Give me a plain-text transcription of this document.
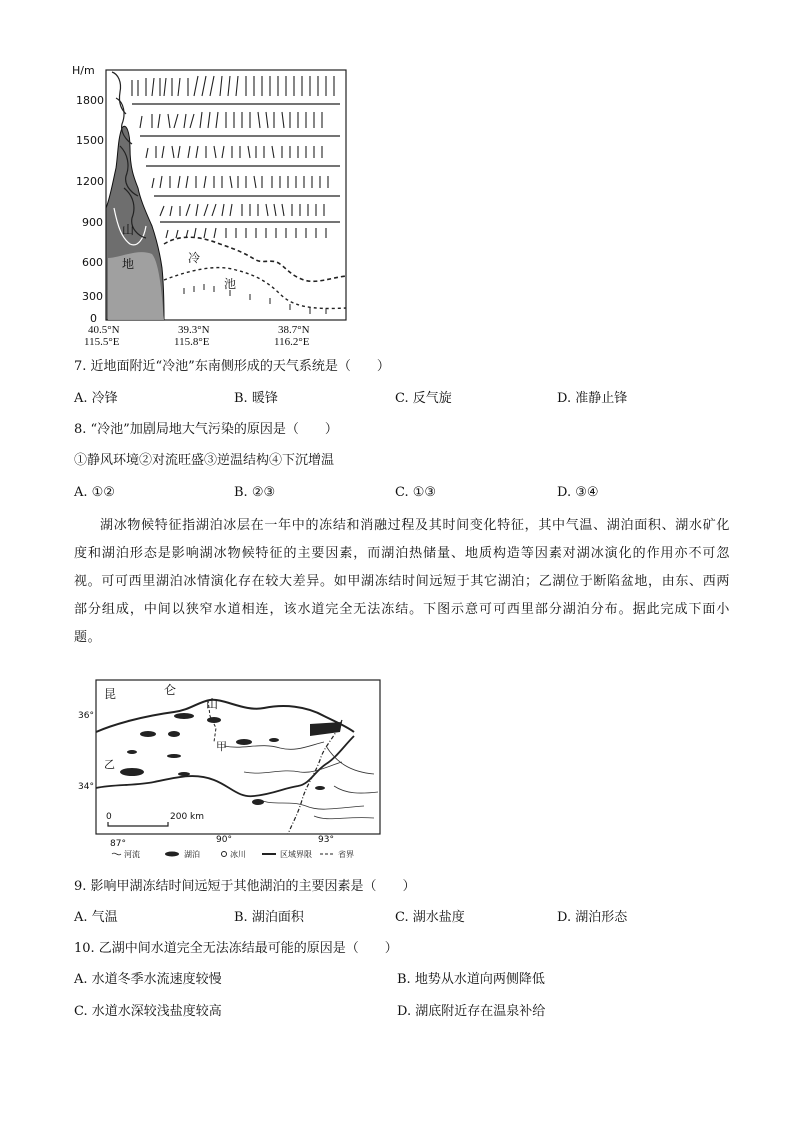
H/m
1800
1500
1200
900
600
300
0
山
地	冷
池
40.5°N
115.5°E
39.3°N
115.8°E
38.7°N
116.2°E
7. 近地面附近“冷池”东南侧形成的天气系统是（　　）
A. 冷锋	B. 暖锋	C. 反气旋	D. 准静止锋
8. “冷池”加剧局地大气污染的原因是（　　）
①静风环境②对流旺盛③逆温结构④下沉增温
A. ①②	B. ②③	C. ①③	D. ③④
湖冰物候特征指湖泊冰层在一年中的冻结和消融过程及其时间变化特征，其中气温、湖泊面积、湖水矿化度和湖泊形态是影响湖冰物候特征的主要因素，而湖泊热储量、地质构造等因素对湖冰演化的作用亦不可忽视。可可西里湖泊冰情演化存在较大差异。如甲湖冻结时间远短于其它湖泊；乙湖位于断陷盆地，由东、西两部分组成，中间以狭窄水道相连，该水道完全无法冻结。下图示意可可西里部分湖泊分布。据此完成下面小题。
昆	仑
山
36°
34°
甲
乙
0	200 km
87°	90°	93°
河流	湖泊	冰川	区域界限	省界
9. 影响甲湖冻结时间远短于其他湖泊的主要因素是（　　）
A. 气温	B. 湖泊面积	C. 湖水盐度	D. 湖泊形态
10. 乙湖中间水道完全无法冻结最可能的原因是（　　）
A. 水道冬季水流速度较慢	B. 地势从水道向两侧降低
C. 水道水深较浅盐度较高	D. 湖底附近存在温泉补给
